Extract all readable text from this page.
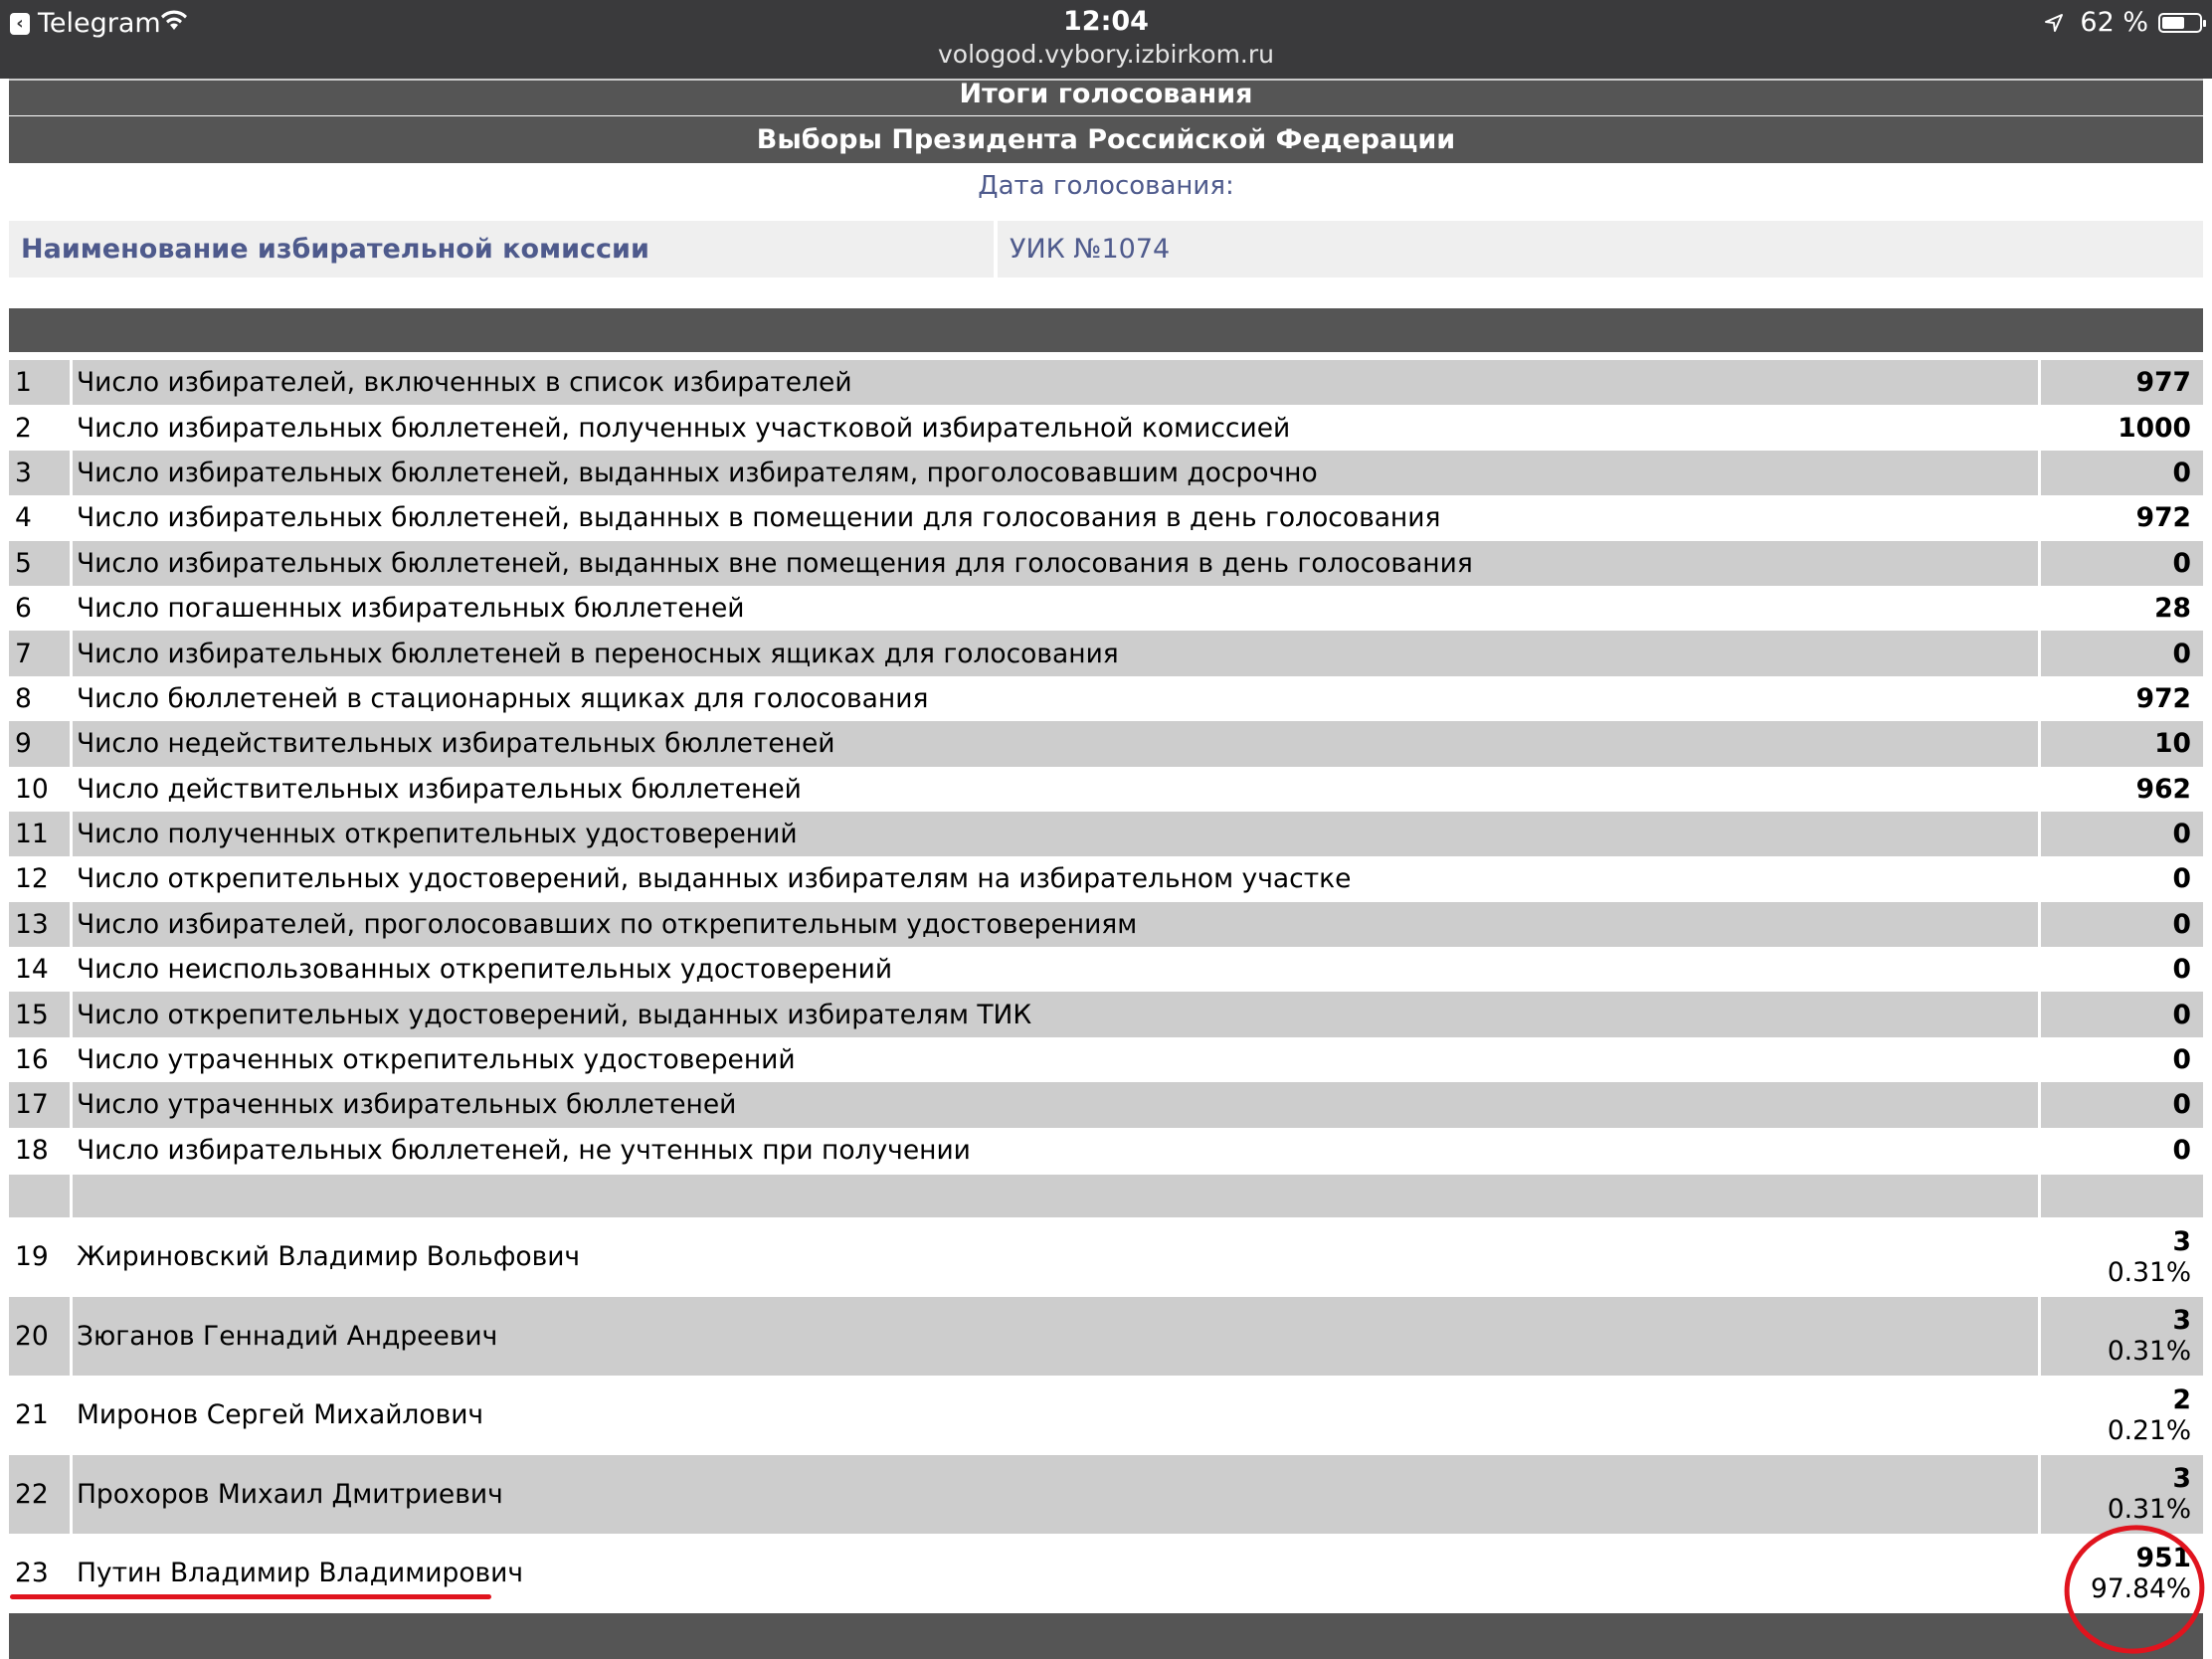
‹ Telegram	12:04
vologod.vybory.izbirkom.ru
62 %
Итоги голосования
Выборы Президента Российской Федерации
Дата голосования:
Наименование избирательной комиссии	УИК №1074
1	Число избирателей, включенных в список избирателей	977
2	Число избирательных бюллетеней, полученных участковой избирательной комиссией	1000
3	Число избирательных бюллетеней, выданных избирателям, проголосовавшим досрочно	0
4	Число избирательных бюллетеней, выданных в помещении для голосования в день голосования	972
5	Число избирательных бюллетеней, выданных вне помещения для голосования в день голосования	0
6	Число погашенных избирательных бюллетеней	28
7	Число избирательных бюллетеней в переносных ящиках для голосования	0
8	Число бюллетеней в стационарных ящиках для голосования	972
9	Число недействительных избирательных бюллетеней	10
10	Число действительных избирательных бюллетеней	962
11	Число полученных открепительных удостоверений	0
12	Число открепительных удостоверений, выданных избирателям на избирательном участке	0
13	Число избирателей, проголосовавших по открепительным удостоверениям	0
14	Число неиспользованных открепительных удостоверений	0
15	Число открепительных удостоверений, выданных избирателям ТИК	0
16	Число утраченных открепительных удостоверений	0
17	Число утраченных избирательных бюллетеней	0
18	Число избирательных бюллетеней, не учтенных при получении	0
19	Жириновский Владимир Вольфович	3
0.31%
20	Зюганов Геннадий Андреевич	3
0.31%
21	Миронов Сергей Михайлович	2
0.21%
22	Прохоров Михаил Дмитриевич	3
0.31%
23	Путин Владимир Владимирович	951
97.84%
